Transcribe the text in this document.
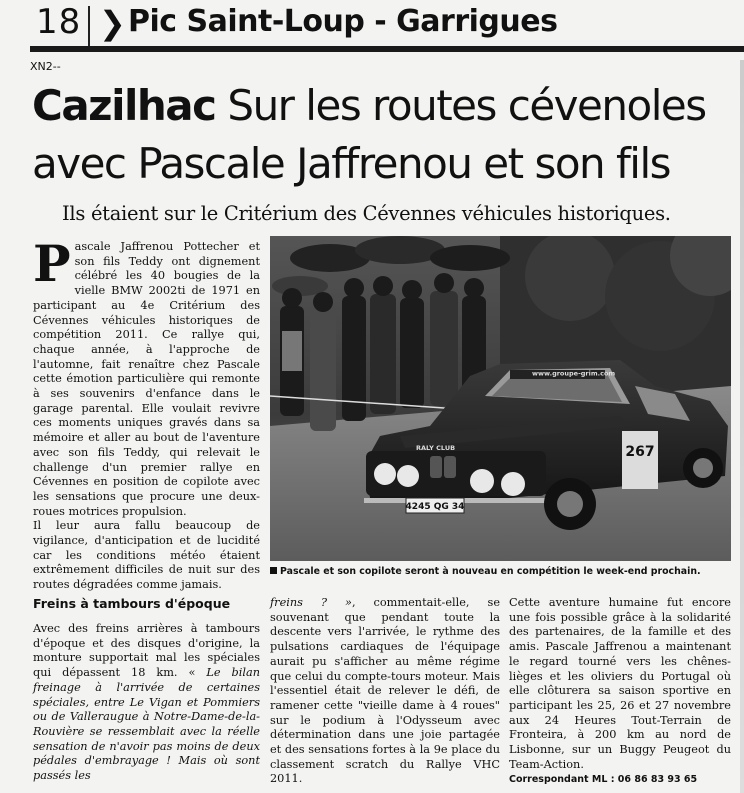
18 ❯ Pic Saint-Loup - Garrigues
XN2--
Cazilhac Sur les routes cévenoles
avec Pascale Jaffrenou et son fils
Ils étaient sur le Critérium des Cévennes véhicules historiques.
Pascale Jaffrenou Pottecher et son fils Teddy ont dignement célébré les 40 bougies de la vielle BMW 2002ti de 1971 en participant au 4e Critérium des Cévennes véhicules historiques de compétition 2011. Ce rallye qui, chaque année, à l'approche de l'automne, fait renaître chez Pascale cette émotion particulière qui remonte à ses souvenirs d'enfance dans le garage parental. Elle voulait revivre ces moments uniques gravés dans sa mémoire et aller au bout de l'aventure avec son fils Teddy, qui relevait le challenge d'un premier rallye en Cévennes en position de copilote avec les sensations que procure une deux-roues motrices propulsion.
Il leur aura fallu beaucoup de vigilance, d'anticipation et de lucidité car les conditions météo étaient extrêmement difficiles de nuit sur des routes dégradées comme jamais.
Freins à tambours d'époque
Avec des freins arrières à tambours d'époque et des disques d'origine, la monture supportait mal les spéciales qui dépassent 18 km. « Le bilan freinage à l'arrivée de certaines spéciales, entre Le Vigan et Pommiers ou de Valleraugue à Notre-Dame-de-la-Rouvière se ressemblait avec la réelle sensation de n'avoir pas moins de deux pédales d'embrayage ! Mais où sont passés les
4245 QG 34
267
RALY CLUB
www.groupe-grim.com
Pascale et son copilote seront à nouveau en compétition le week-end prochain.
freins ? », commentait-elle, se souvenant que pendant toute la descente vers l'arrivée, le rythme des pulsations cardiaques de l'équipage aurait pu s'afficher au même régime que celui du compte-tours moteur. Mais l'essentiel était de relever le défi, de ramener cette "vieille dame à 4 roues" sur le podium à l'Odysseum avec détermination dans une joie partagée et des sensations fortes à la 9e place du classement scratch du Rallye VHC 2011.
Cette aventure humaine fut encore une fois possible grâce à la solidarité des partenaires, de la famille et des amis. Pascale Jaffrenou a maintenant le regard tourné vers les chênes-lièges et les oliviers du Portugal où elle clôturera sa saison sportive en participant les 25, 26 et 27 novembre aux 24 Heures Tout-Terrain de Fronteira, à 200 km au nord de Lisbonne, sur un Buggy Peugeot du Team-Action.
Correspondant ML : 06 86 83 93 65
